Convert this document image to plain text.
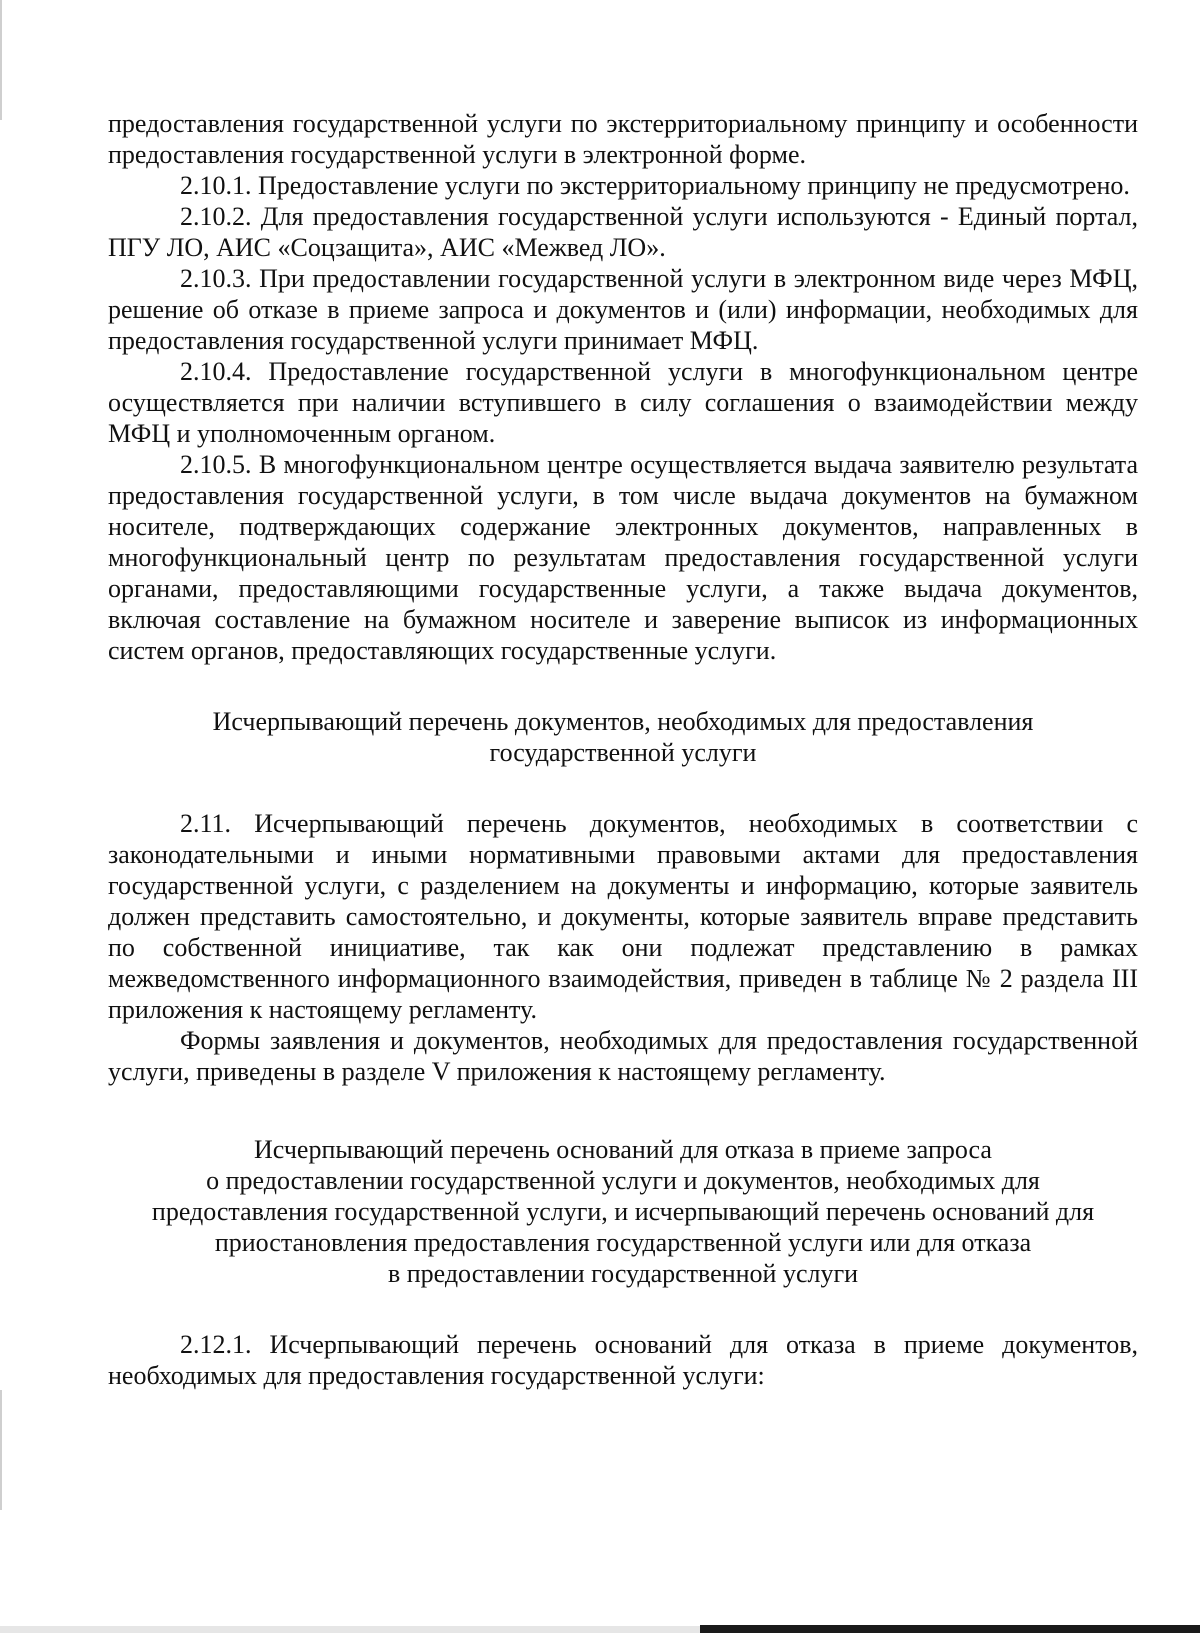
предоставления государственной услуги по экстерриториальному принципу и особенности предоставления государственной услуги в электронной форме.

2.10.1. Предоставление услуги по экстерриториальному принципу не предусмотрено.

2.10.2. Для предоставления государственной услуги используются - Единый портал, ПГУ ЛО, АИС «Соцзащита», АИС «Межвед ЛО».

2.10.3. При предоставлении государственной услуги в электронном виде через МФЦ, решение об отказе в приеме запроса и документов и (или) информации, необходимых для предоставления государственной услуги принимает МФЦ.

2.10.4. Предоставление государственной услуги в многофункциональном центре осуществляется при наличии вступившего в силу соглашения о взаимодействии между МФЦ и уполномоченным органом.

2.10.5. В многофункциональном центре осуществляется выдача заявителю результата предоставления государственной услуги, в том числе выдача документов на бумажном носителе, подтверждающих содержание электронных документов, направленных в многофункциональный центр по результатам предоставления государственной услуги органами, предоставляющими государственные услуги, а также выдача документов, включая составление на бумажном носителе и заверение выписок из информационных систем органов, предоставляющих государственные услуги.

Исчерпывающий перечень документов, необходимых для предоставления
государственной услуги

2.11. Исчерпывающий перечень документов, необходимых в соответствии с законодательными и иными нормативными правовыми актами для предоставления государственной услуги, с разделением на документы и информацию, которые заявитель должен представить самостоятельно, и документы, которые заявитель вправе представить по собственной инициативе, так как они подлежат представлению в рамках межведомственного информационного взаимодействия, приведен в таблице № 2 раздела III приложения к настоящему регламенту.

Формы заявления и документов, необходимых для предоставления государственной услуги, приведены в разделе V приложения к настоящему регламенту.

Исчерпывающий перечень оснований для отказа в приеме запроса
о предоставлении государственной услуги и документов, необходимых для
предоставления государственной услуги, и исчерпывающий перечень оснований для
приостановления предоставления государственной услуги или для отказа
в предоставлении государственной услуги

2.12.1. Исчерпывающий перечень оснований для отказа в приеме документов, необходимых для предоставления государственной услуги:
